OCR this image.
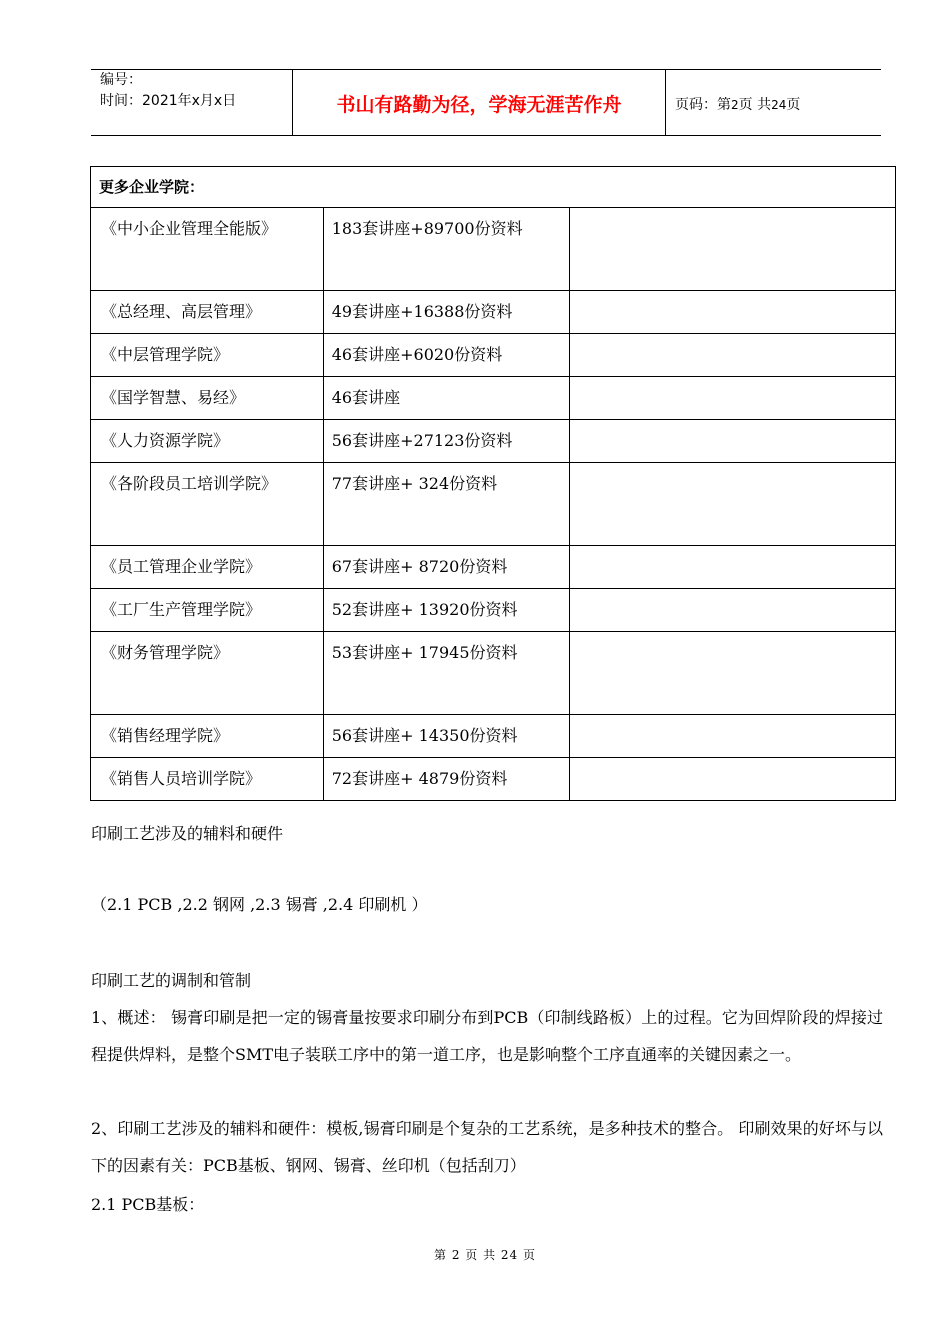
编号：
时间：2021年x月x日	书山有路勤为径，学海无涯苦作舟	页码：第2页 共24页
更多企业学院：		
《中小企业管理全能版》	183套讲座+89700份资料	
《总经理、高层管理》	49套讲座+16388份资料	
《中层管理学院》	46套讲座+6020份资料	
《国学智慧、易经》	46套讲座	
《人力资源学院》	56套讲座+27123份资料	
《各阶段员工培训学院》	77套讲座+ 324份资料	
《员工管理企业学院》	67套讲座+ 8720份资料	
《工厂生产管理学院》	52套讲座+ 13920份资料	
《财务管理学院》	53套讲座+ 17945份资料	
《销售经理学院》	56套讲座+ 14350份资料	
《销售人员培训学院》	72套讲座+ 4879份资料	
印刷工艺涉及的辅料和硬件
（2.1 PCB ,2.2 钢网 ,2.3 锡膏 ,2.4 印刷机 ）
印刷工艺的调制和管制
1、概述： 锡膏印刷是把一定的锡膏量按要求印刷分布到PCB（印制线路板）上的过程。它为回焊阶段的焊接过程提供焊料，是整个SMT电子装联工序中的第一道工序，也是影响整个工序直通率的关键因素之一。
2、印刷工艺涉及的辅料和硬件：模板,锡膏印刷是个复杂的工艺系统，是多种技术的整合。 印刷效果的好坏与以下的因素有关：PCB基板、钢网、锡膏、丝印机（包括刮刀）
2.1 PCB基板：
第 2 页 共 24 页
